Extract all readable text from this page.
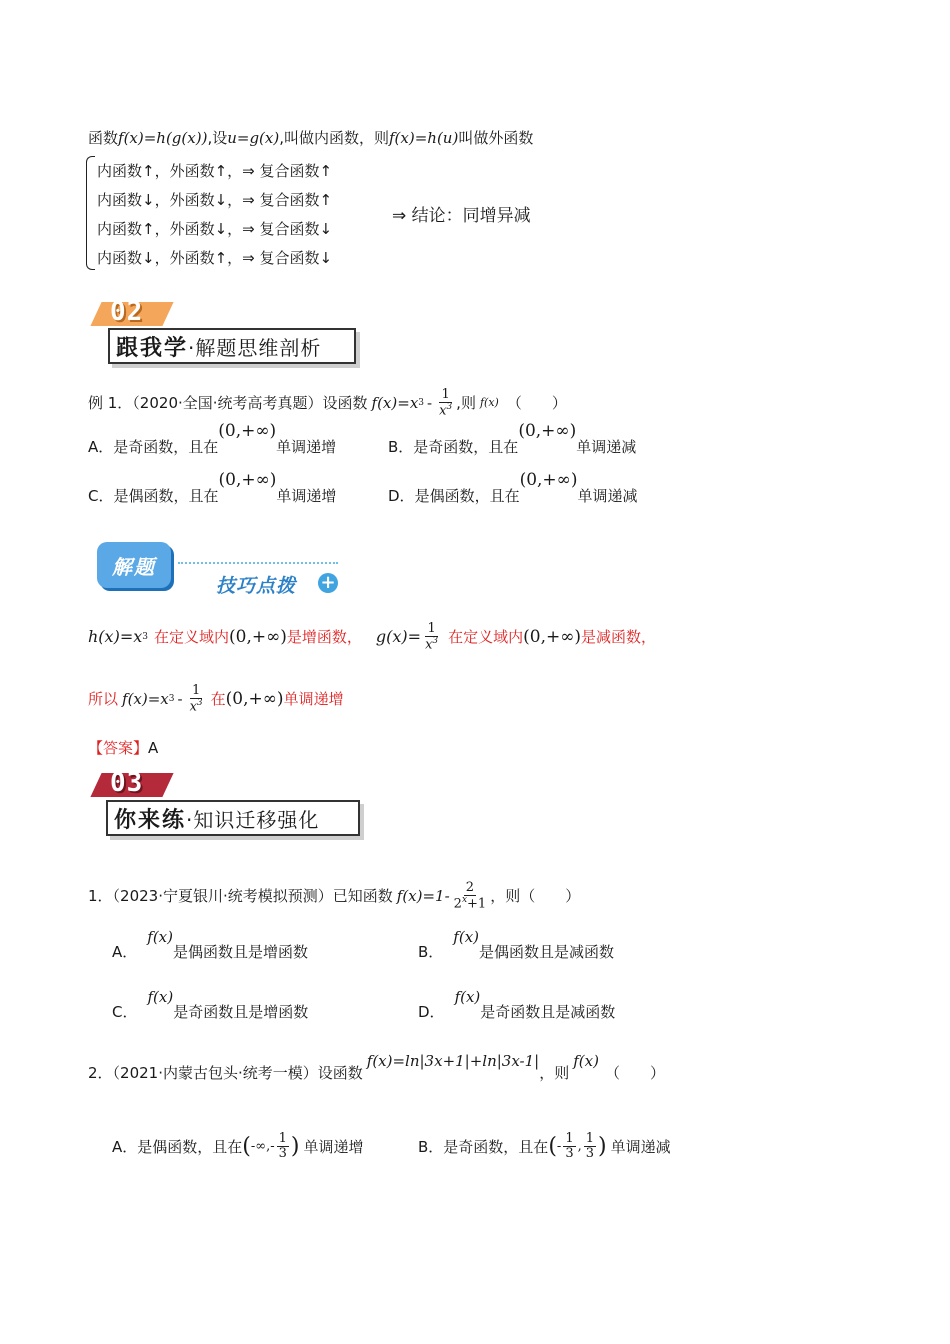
函数f(x)=h(g(x)),设u=g(x),叫做内函数，则f(x)=h(u)叫做外函数
内函数↑，外函数↑，⇒ 复合函数↑
内函数↓，外函数↓，⇒ 复合函数↑
内函数↑，外函数↓，⇒ 复合函数↓
内函数↓，外函数↑，⇒ 复合函数↓
⇒ 结论：同增异减
02
跟我学 ·解题思维剖析
例 1．（2020·全国·统考高考真题）设函数 f(x)=x $3 - \frac{1}{x^3}$ ,则 f(x) （　　）
A． 是奇函数，且在
(0,+∞)
单调递增	B． 是奇函数，且在
(0,+∞)
单调递减
C． 是偶函数，且在
(0,+∞)
单调递增	D． 是偶函数，且在
(0,+∞)
单调递减
解题
技巧点拨 +
h(x)=x 3 在定义域内 (0,+∞) 是增函数， $g(x)= \frac{1}{x^3}$ 在定义域内 (0,+∞) 是减函数，
所以 f(x)=x $3 - \frac{1}{x^3}$ 在 (0,+∞) 单调递增
【答案】A
03
你来练 ·知识迁移强化
1．（2023·宁夏银川·统考模拟预测）已知函数 $f(x)=1- \frac{2}{2^x+1}$ ，则（　　）
A．
f(x)
是偶函数且是增函数	B．
f(x)
是偶函数且是减函数
C．
f(x)
是奇函数且是增函数	D．
f(x)
是奇函数且是减函数
2．（2021·内蒙古包头·统考一模）设函数
f(x)=ln|3x+1|+ln|3x-1|
，则
f(x)
（　　）
A． 是偶函数，且在 ( -∞,- $\frac{1}{3}$ ) 单调递增	B． 是奇函数，且在 ( - $\frac{1}{3}$ , $\frac{1}{3}$ ) 单调递减
